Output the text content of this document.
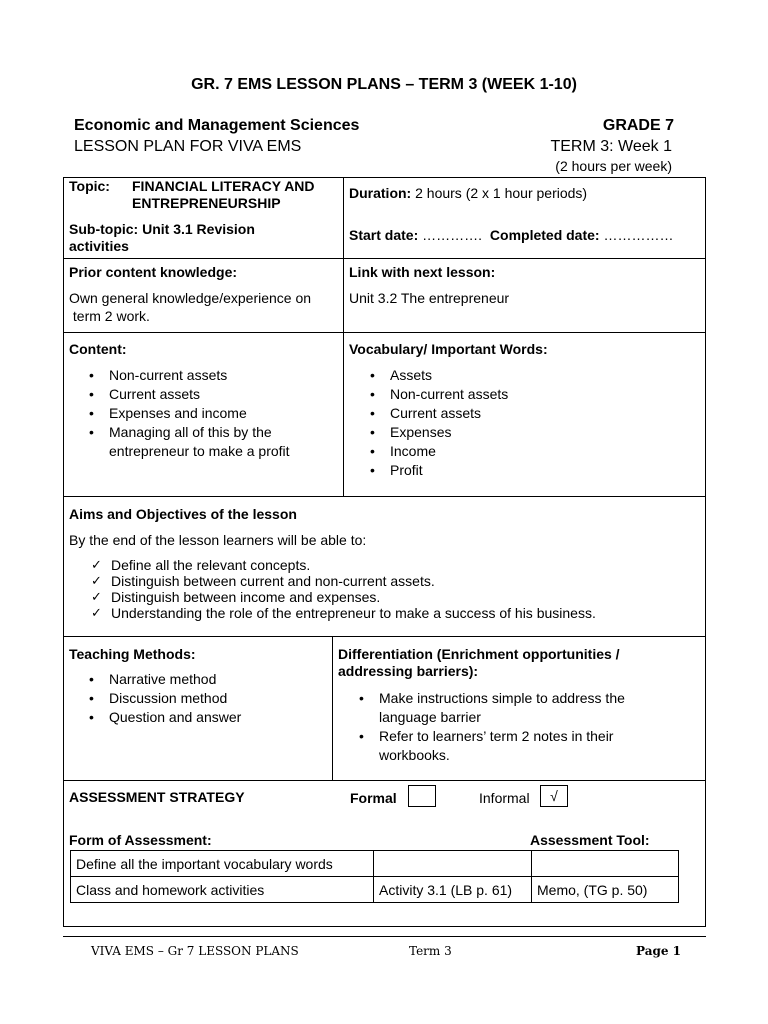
GR. 7 EMS LESSON PLANS – TERM 3 (WEEK 1-10)
Economic and Management Sciences
LESSON PLAN FOR VIVA EMS
GRADE 7
TERM 3: Week 1
(2 hours per week)
Topic: FINANCIAL LITERACY AND
ENTREPRENEURSHIP
Sub-topic: Unit 3.1 Revision
activities
Duration: 2 hours (2 x 1 hour periods)
Start date: …………. Completed date: ……………
Prior content knowledge:
Own general knowledge/experience on
term 2 work.
Link with next lesson:
Unit 3.2 The entrepreneur
Content:
• Non-current assets
• Current assets
• Expenses and income
• Managing all of this by the entrepreneur to make a profit
Vocabulary/ Important Words:
• Assets
• Non-current assets
• Current assets
• Expenses
• Income
• Profit
Aims and Objectives of the lesson
By the end of the lesson learners will be able to:
✓ Define all the relevant concepts.
✓ Distinguish between current and non-current assets.
✓ Distinguish between income and expenses.
✓ Understanding the role of the entrepreneur to make a success of his business.
Teaching Methods:
• Narrative method
• Discussion method
• Question and answer
Differentiation (Enrichment opportunities /
addressing barriers):
• Make instructions simple to address the language barrier
• Refer to learners’ term 2 notes in their workbooks.
ASSESSMENT STRATEGY	Formal	Informal	√
Form of Assessment:	Assessment Tool:
Define all the important vocabulary words		
Class and homework activities	Activity 3.1 (LB p. 61)	Memo, (TG p. 50)
VIVA EMS – Gr 7 LESSON PLANS	Term 3	Page 1
